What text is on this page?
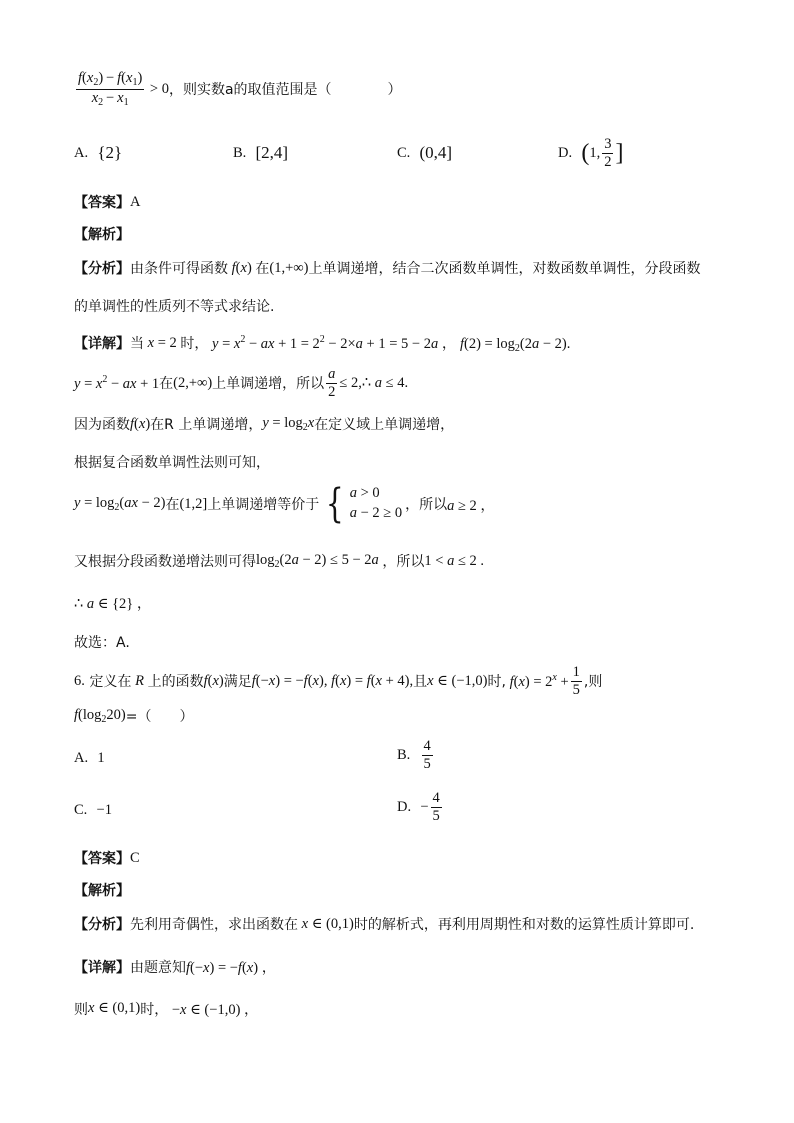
$\frac{f(x_2) - f(x_1)}{x_2 - x_1} > 0$ ，则实数a的取值范围是（　　　　）
A.
{2}	B.
[2,4]	C.
(0,4]	D.
( 1, $\frac{3}{2}$ ]
【答案】 A
【解析】
【分析】 由条件可得函数 f(x) 在 (1,+∞) 上单调递增，结合二次函数单调性，对数函数单调性，分段函数
的单调性的性质列不等式求结论.
【详解】 当 x = 2 时， $y = x^2$ − ax + $1 = 2^2 - 2\times a + 1 = 5 - 2a$ ， $f(2) = \log_2(2a - 2)$.
$y = x^2$ − ax + 1 在 (2,+∞) 上单调递增，所以 $\frac{a}{2}$ ≤ 2,∴ a ≤ 4.
因为函数 f(x) 在R 上单调递增， $y = \log_2x$ 在定义域上单调递增，
根据复合函数单调性法则可知，
$y = \log_2(ax - 2)$ 在 (1,2] 上单调递增等价于 { a > 0
a − 2 ≥ 0 ，所以 a ≥ 2 ，
又根据分段函数递增法则可得 $\log_2(2a - 2) \le 5 - 2a$ ，所以 1 < a ≤ 2 .
∴ a ∈ {2} ，
故选：A.
6.
定义在 R 上的函数 f(x) 满足 f(−x) = −f(x), f(x) = f(x + 4), 且 x ∈ (−1,0) 时, $f(x) = 2^x + \frac{1}{5}$ ,则
$f(\log_220)$ =（　　）
A.
1	B.
$\frac{4}{5}$
C.
−1	D.
− $\frac{4}{5}$
【答案】 C
【解析】
【分析】 先利用奇偶性，求出函数在 x ∈ (0,1) 时的解析式，再利用周期性和对数的运算性质计算即可.
【详解】 由题意知 f(−x) = −f(x) ，
则 x ∈ (0,1) 时， −x ∈ (−1,0) ，
